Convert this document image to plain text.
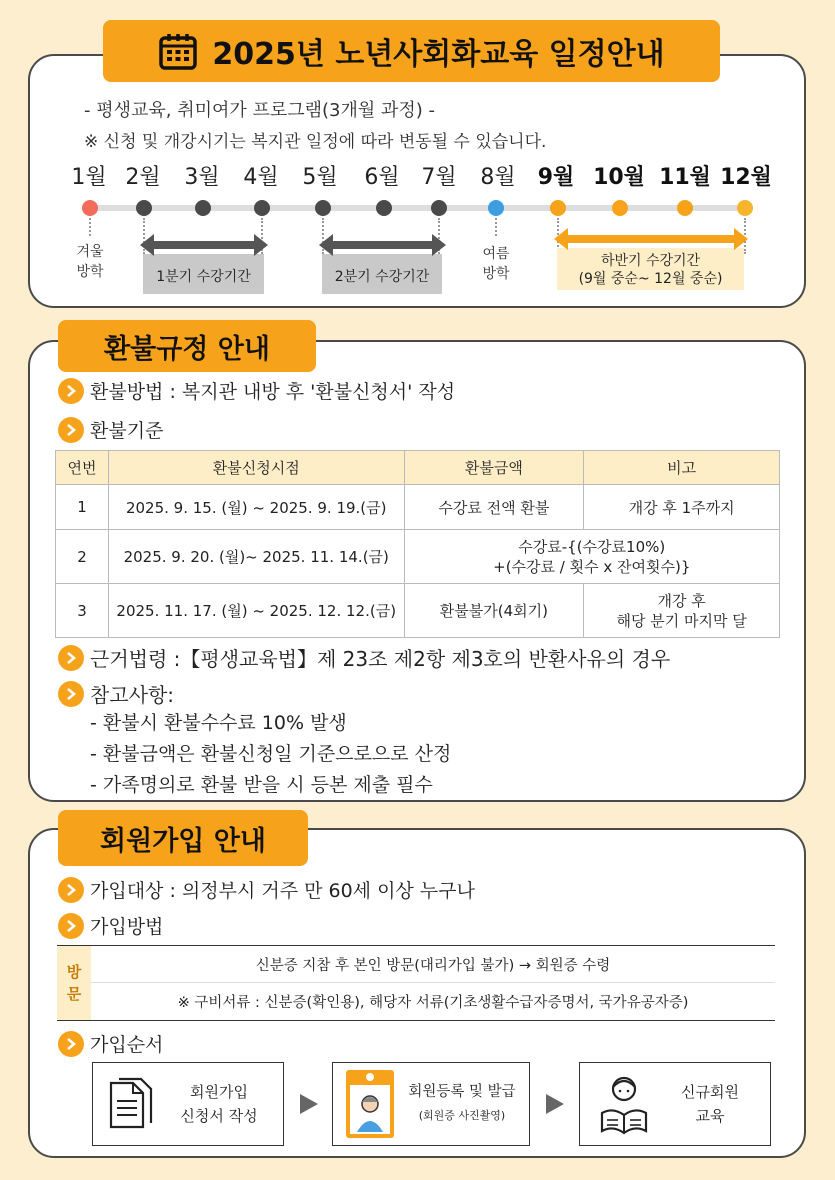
2025년 노년사회화교육 일정안내
- 평생교육, 취미여가 프로그램(3개월 과정) -
※ 신청 및 개강시기는 복지관 일정에 따라 변동될 수 있습니다.
1월 2월	3월	4월	5월	6월 7월	8월	9월 10월 11월 12월
겨울
방학
여름
방학
1분기 수강기간	2분기 수강기간
하반기 수강기간
(9월 중순~ 12월 중순)
환불규정 안내
환불방법 : 복지관 내방 후 '환불신청서' 작성
환불기준
연번	환불신청시점	환불금액	비고
1	2025. 9. 15. (월) ~ 2025. 9. 19.(금)	수강료 전액 환불	개강 후 1주까지
2	2025. 9. 20. (월)~ 2025. 11. 14.(금)	수강료-{(수강료10%)
+(수강료 / 횟수 x 잔여횟수)}	

3	2025. 11. 17. (월) ~ 2025. 12. 12.(금)	환불불가(4회기)	개강 후
해당 분기 마지막 달
근거법령 :【평생교육법】제 23조 제2항 제3호의 반환사유의 경우
참고사항:
- 환불시 환불수수료 10% 발생
- 환불금액은 환불신청일 기준으로으로 산정
- 가족명의로 환불 받을 시 등본 제출 필수
회원가입 안내
가입대상 : 의정부시 거주 만 60세 이상 누구나
가입방법
방
문
신분증 지참 후 본인 방문(대리가입 불가) → 회원증 수령
※ 구비서류 : 신분증(확인용), 해당자 서류(기초생활수급자증명서, 국가유공자증)
가입순서
회원가입
신청서 작성
회원등록 및 발급
(회원증 사진촬영)
신규회원
교육
